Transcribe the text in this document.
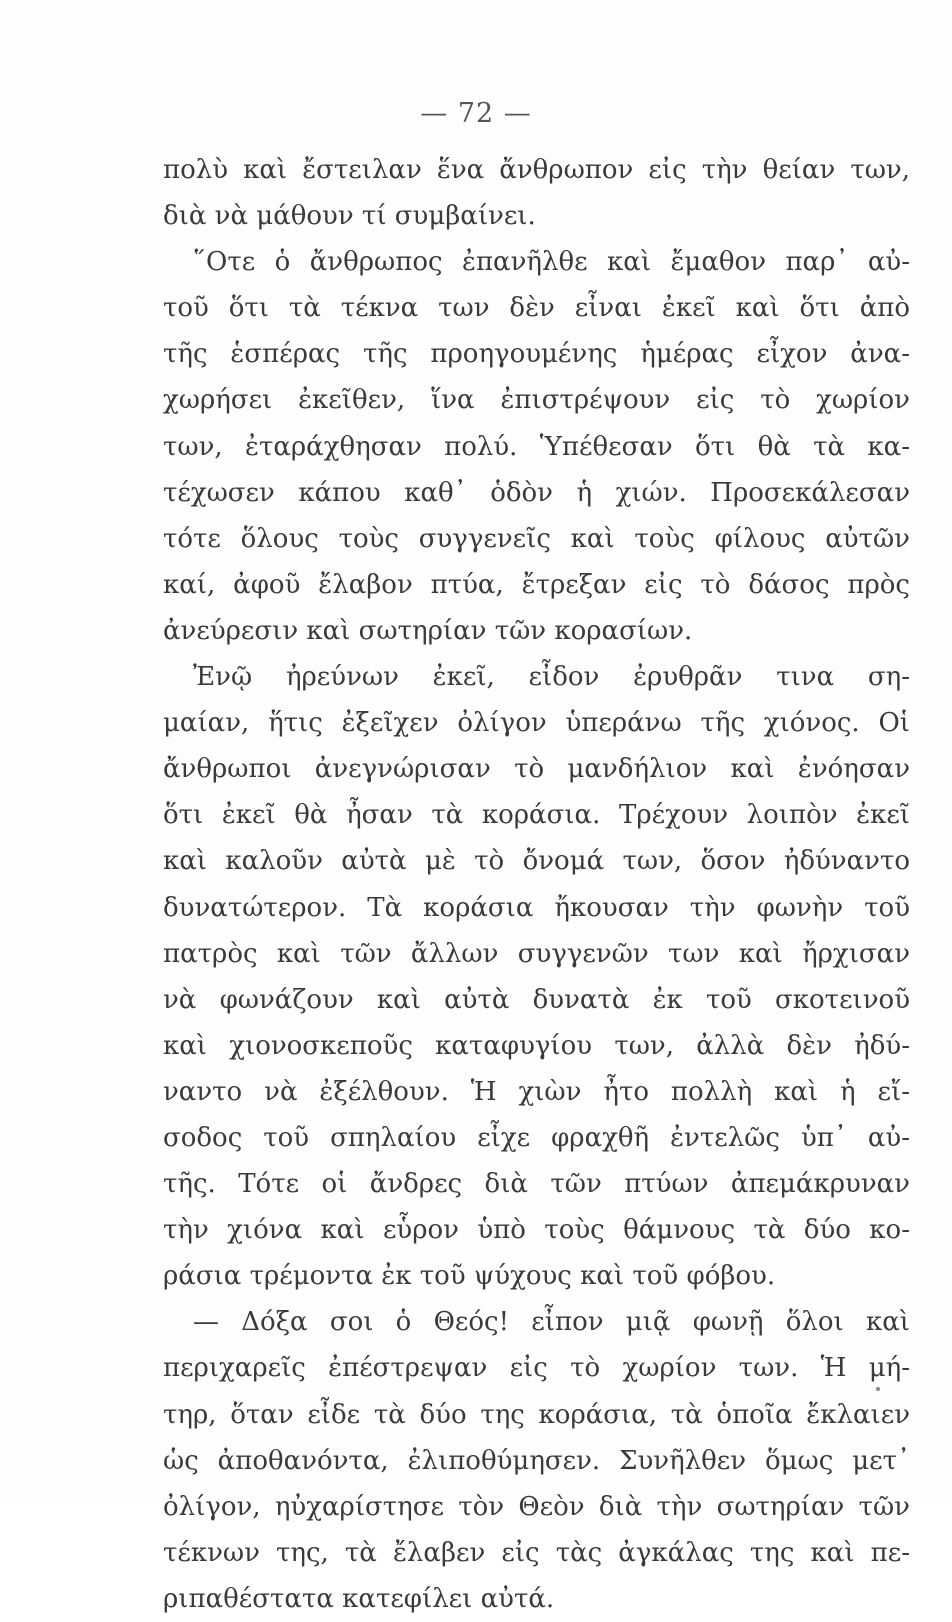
— 72 —
πολὺ καὶ ἔστειλαν ἕνα ἄνθρωπον εἰς τὴν θείαν των,
διὰ νὰ μάθουν τί συμβαίνει.
῞Οτε ὁ ἄνθρωπος ἐπανῆλθε καὶ ἔμαθον παρ᾽ αὐ-
τοῦ ὅτι τὰ τέκνα των δὲν εἶναι ἐκεῖ καὶ ὅτι ἀπὸ
τῆς ἑσπέρας τῆς προηγουμένης ἡμέρας εἶχον ἀνα-
χωρήσει ἐκεῖθεν, ἵνα ἐπιστρέψουν εἰς τὸ χωρίον
των, ἐταράχθησαν πολύ. Ὑπέθεσαν ὅτι θὰ τὰ κα-
τέχωσεν κάπου καθ᾽ ὁδὸν ἡ χιών. Προσεκάλεσαν
τότε ὅλους τοὺς συγγενεῖς καὶ τοὺς φίλους αὐτῶν
καί, ἀφοῦ ἔλαβον πτύα, ἔτρεξαν εἰς τὸ δάσος πρὸς
ἀνεύρεσιν καὶ σωτηρίαν τῶν κορασίων.
Ἐνῷ ἠρεύνων ἐκεῖ, εἶδον ἐρυθρᾶν τινα ση-
μαίαν, ἥτις ἐξεῖχεν ὀλίγον ὑπεράνω τῆς χιόνος. Οἱ
ἄνθρωποι ἀνεγνώρισαν τὸ μανδήλιον καὶ ἐνόησαν
ὅτι ἐκεῖ θὰ ἦσαν τὰ κοράσια. Τρέχουν λοιπὸν ἐκεῖ
καὶ καλοῦν αὐτὰ μὲ τὸ ὄνομά των, ὅσον ἠδύναντο
δυνατώτερον. Τὰ κοράσια ἤκουσαν τὴν φωνὴν τοῦ
πατρὸς καὶ τῶν ἄλλων συγγενῶν των καὶ ἤρχισαν
νὰ φωνάζουν καὶ αὐτὰ δυνατὰ ἐκ τοῦ σκοτεινοῦ
καὶ χιονοσκεποῦς καταφυγίου των, ἀλλὰ δὲν ἠδύ-
ναντο νὰ ἐξέλθουν. Ἡ χιὼν ἦτο πολλὴ καὶ ἡ εἴ-
σοδος τοῦ σπηλαίου εἶχε φραχθῆ ἐντελῶς ὑπ᾽ αὐ-
τῆς. Τότε οἱ ἄνδρες διὰ τῶν πτύων ἀπεμάκρυναν
τὴν χιόνα καὶ εὗρον ὑπὸ τοὺς θάμνους τὰ δύο κο-
ράσια τρέμοντα ἐκ τοῦ ψύχους καὶ τοῦ φόβου.
— Δόξα σοι ὁ Θεός! εἶπον μιᾷ φωνῇ ὅλοι καὶ
περιχαρεῖς ἐπέστρεψαν εἰς τὸ χωρίον των. Ἡ μή-
τηρ, ὅταν εἶδε τὰ δύο της κοράσια, τὰ ὁποῖα ἔκλαιεν
ὡς ἀποθανόντα, ἐλιποθύμησεν. Συνῆλθεν ὅμως μετ᾽
ὀλίγον, ηὐχαρίστησε τὸν Θεὸν διὰ τὴν σωτηρίαν τῶν
τέκνων της, τὰ ἔλαβεν εἰς τὰς ἀγκάλας της καὶ πε-
ριπαθέστατα κατεφίλει αὐτά.
